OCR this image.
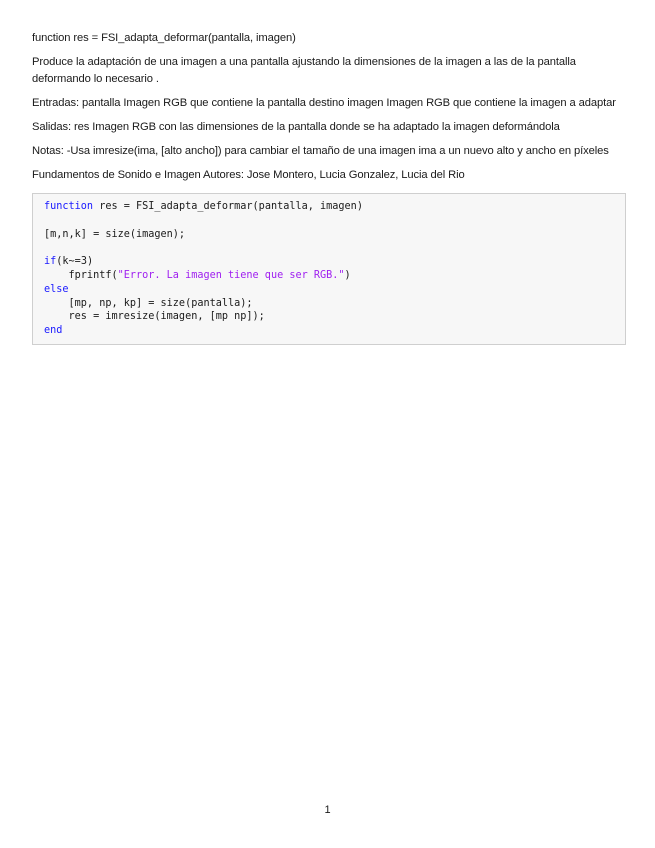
function res = FSI_adapta_deformar(pantalla, imagen)

Produce la adaptación de una imagen a una pantalla ajustando la dimensiones de la imagen a las de la pantalla deformando lo necesario .

Entradas: pantalla Imagen RGB que contiene la pantalla destino imagen Imagen RGB que contiene la imagen a adaptar

Salidas: res Imagen RGB con las dimensiones de la pantalla donde se ha adaptado la imagen deformándola

Notas: -Usa imresize(ima, [alto ancho]) para cambiar el tamaño de una imagen ima a un nuevo alto y ancho en píxeles

Fundamentos de Sonido e Imagen Autores: Jose Montero, Lucia Gonzalez, Lucia del Rio

function res = FSI_adapta_deformar(pantalla, imagen)
[m,n,k] = size(imagen);
if(k~=3)
fprintf("Error. La imagen tiene que ser RGB.")
else
[mp, np, kp] = size(pantalla);
res = imresize(imagen, [mp np]);
end
1
